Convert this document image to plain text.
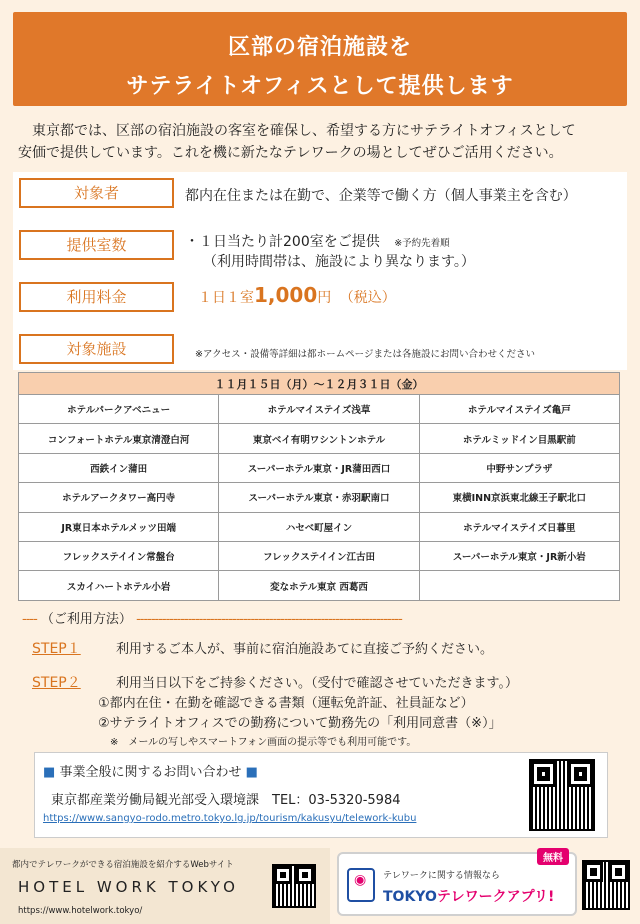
区部の宿泊施設を
サテライトオフィスとして提供します
　東京都では、区部の宿泊施設の客室を確保し、希望する方にサテライトオフィスとして
安価で提供しています。これを機に新たなテレワークの場としてぜひご活用ください。
対象者	都内在住または在勤で、企業等で働く方（個人事業主を含む）
提供室数	・１日当たり計200室をご提供 ※予約先着順
（利用時間帯は、施設により異なります。）
利用料金	１日１室1,000円 （税込）
対象施設	※アクセス・設備等詳細は都ホームページまたは各施設にお問い合わせください
１１月１５日（月）～１２月３１日（金）		
ホテルパークアベニュー	ホテルマイステイズ浅草	ホテルマイステイズ亀戸
コンフォートホテル東京清澄白河	東京ベイ有明ワシントンホテル	ホテルミッドイン目黒駅前
西鉄イン蒲田	スーパーホテル東京・JR蒲田西口	中野サンプラザ
ホテルアークタワー高円寺	スーパーホテル東京・赤羽駅南口	東横INN京浜東北線王子駅北口
JR東日本ホテルメッツ田端	ハセベ町屋イン	ホテルマイステイズ日暮里
フレックステイイン常盤台	フレックステイイン江古田	スーパーホテル東京・JR新小岩
スカイハートホテル小岩	変なホテル東京 西葛西	
---- （ご利用方法） ------------------------------------------------------------------------
STEP１	利用するご本人が、事前に宿泊施設あてに直接ご予約ください。
STEP２	利用当日以下をご持参ください。（受付で確認させていただきます。）
①都内在住・在勤を確認できる書類（運転免許証、社員証など）
②サテライトオフィスでの勤務について勤務先の「利用同意書（※）」
※　メールの写しやスマートフォン画面の提示等でも利用可能です。
■ 事業全般に関するお問い合わせ ■
東京都産業労働局観光部受入環境課　TEL：03-5320-5984
https://www.sangyo-rodo.metro.tokyo.lg.jp/tourism/kakusyu/telework-kubu
都内でテレワークができる宿泊施設を紹介するWebサイト
HOTEL WORK TOKYO
https://www.hotelwork.tokyo/
◉
テレワークに関する情報なら
TOKYOテレワークアプリ!
無料
